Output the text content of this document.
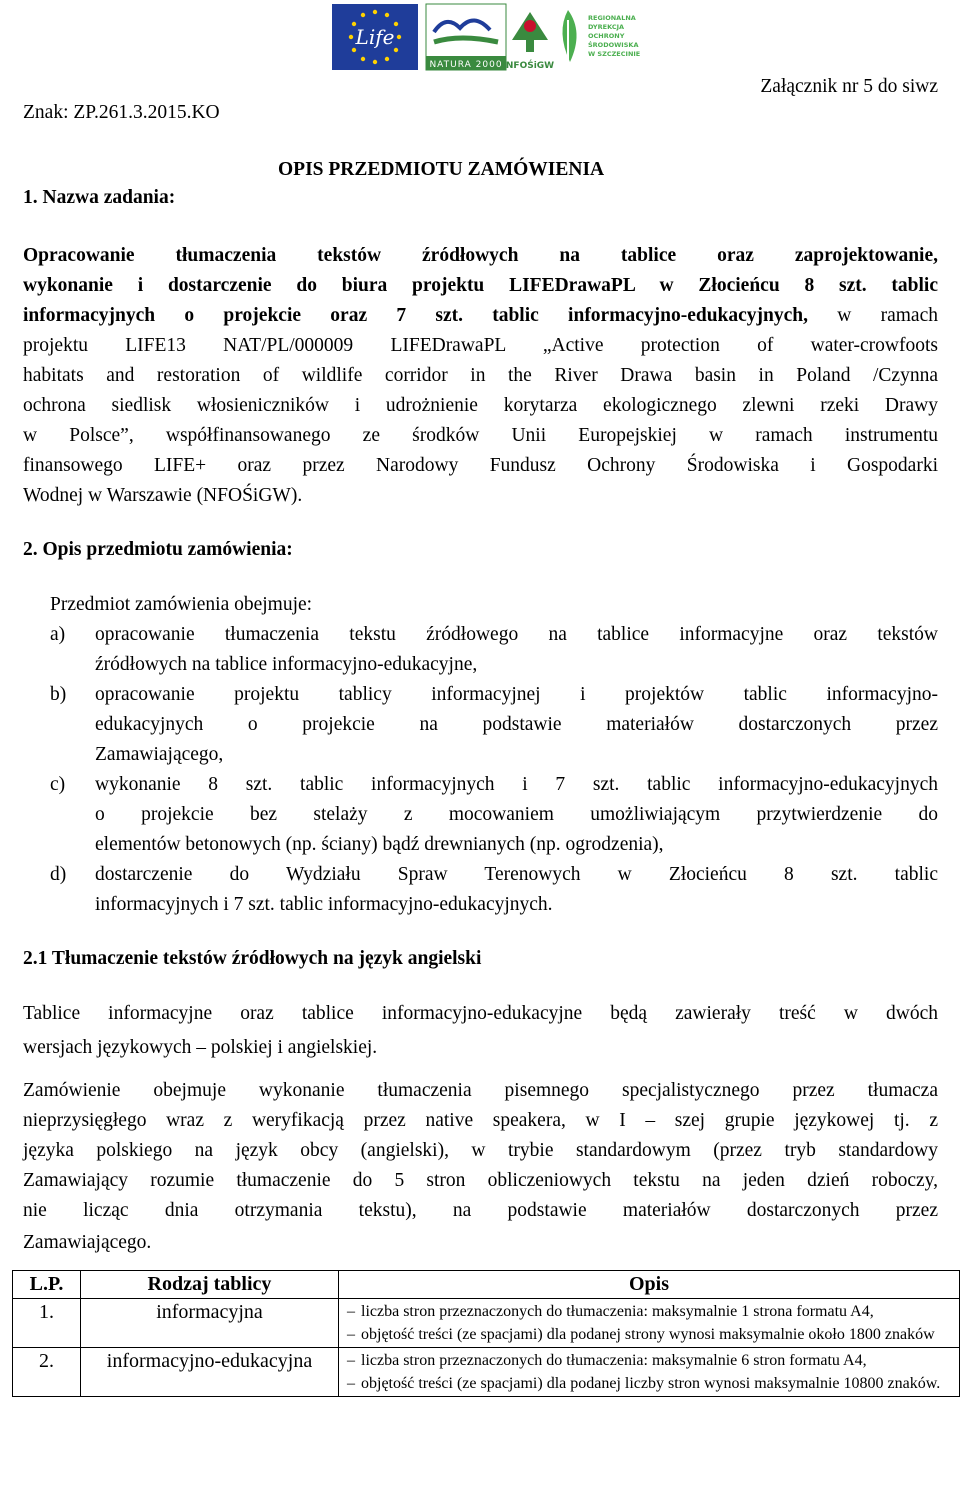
Life
NATURA 2000 NFOŚiGW
REGIONALNA
DYREKCJA
OCHRONY
ŚRODOWISKA
W SZCZECINIE
Znak: ZP.261.3.2015.KO
Załącznik nr 5 do siwz
OPIS PRZEDMIOTU ZAMÓWIENIA
1. Nazwa zadania:
Opracowanie tłumaczenia tekstów źródłowych na tablice oraz zaprojektowanie,
wykonanie i dostarczenie do biura projektu LIFEDrawaPL w Złocieńcu 8 szt. tablic
informacyjnych o projekcie oraz 7 szt. tablic informacyjno-edukacyjnych, w ramach
projektu LIFE13 NAT/PL/000009 LIFEDrawaPL „Active protection of water-crowfoots
habitats and restoration of wildlife corridor in the River Drawa basin in Poland /Czynna
ochrona siedlisk włosieniczników i udrożnienie korytarza ekologicznego zlewni rzeki Drawy
w Polsce”, współfinansowanego ze środków Unii Europejskiej w ramach instrumentu
finansowego LIFE+ oraz przez Narodowy Fundusz Ochrony Środowiska i Gospodarki
Wodnej w Warszawie (NFOŚiGW).
2. Opis przedmiotu zamówienia:
Przedmiot zamówienia obejmuje:
a) opracowanie tłumaczenia tekstu źródłowego na tablice informacyjne oraz tekstów
źródłowych na tablice informacyjno-edukacyjne,
b) opracowanie projektu tablicy informacyjnej i projektów tablic informacyjno-
edukacyjnych o projekcie na podstawie materiałów dostarczonych przez
Zamawiającego,
c) wykonanie 8 szt. tablic informacyjnych i 7 szt. tablic informacyjno-edukacyjnych
o projekcie bez stelaży z mocowaniem umożliwiającym przytwierdzenie do
elementów betonowych (np. ściany) bądź drewnianych (np. ogrodzenia),
d) dostarczenie do Wydziału Spraw Terenowych w Złocieńcu 8 szt. tablic
informacyjnych i 7 szt. tablic informacyjno-edukacyjnych.
2.1 Tłumaczenie tekstów źródłowych na język angielski
Tablice informacyjne oraz tablice informacyjno-edukacyjne będą zawierały treść w dwóch
wersjach językowych – polskiej i angielskiej.
Zamówienie obejmuje wykonanie tłumaczenia pisemnego specjalistycznego przez tłumacza
nieprzysięgłego wraz z weryfikacją przez native speakera, w I – szej grupie językowej tj. z
języka polskiego na język obcy (angielski), w trybie standardowym (przez tryb standardowy
Zamawiający rozumie tłumaczenie do 5 stron obliczeniowych tekstu na jeden dzień roboczy,
nie licząc dnia otrzymania tekstu), na podstawie materiałów dostarczonych przez
Zamawiającego.
L.P.	Rodzaj tablicy	Opis
1.	informacyjna	– liczba stron przeznaczonych do tłumaczenia: maksymalnie 1 strona formatu A4,
– objętość treści (ze spacjami) dla podanej strony wynosi maksymalnie około 1800 znaków

2.	informacyjno-edukacyjna	– liczba stron przeznaczonych do tłumaczenia: maksymalnie 6 stron formatu A4,
– objętość treści (ze spacjami) dla podanej liczby stron wynosi maksymalnie 10800 znaków.
